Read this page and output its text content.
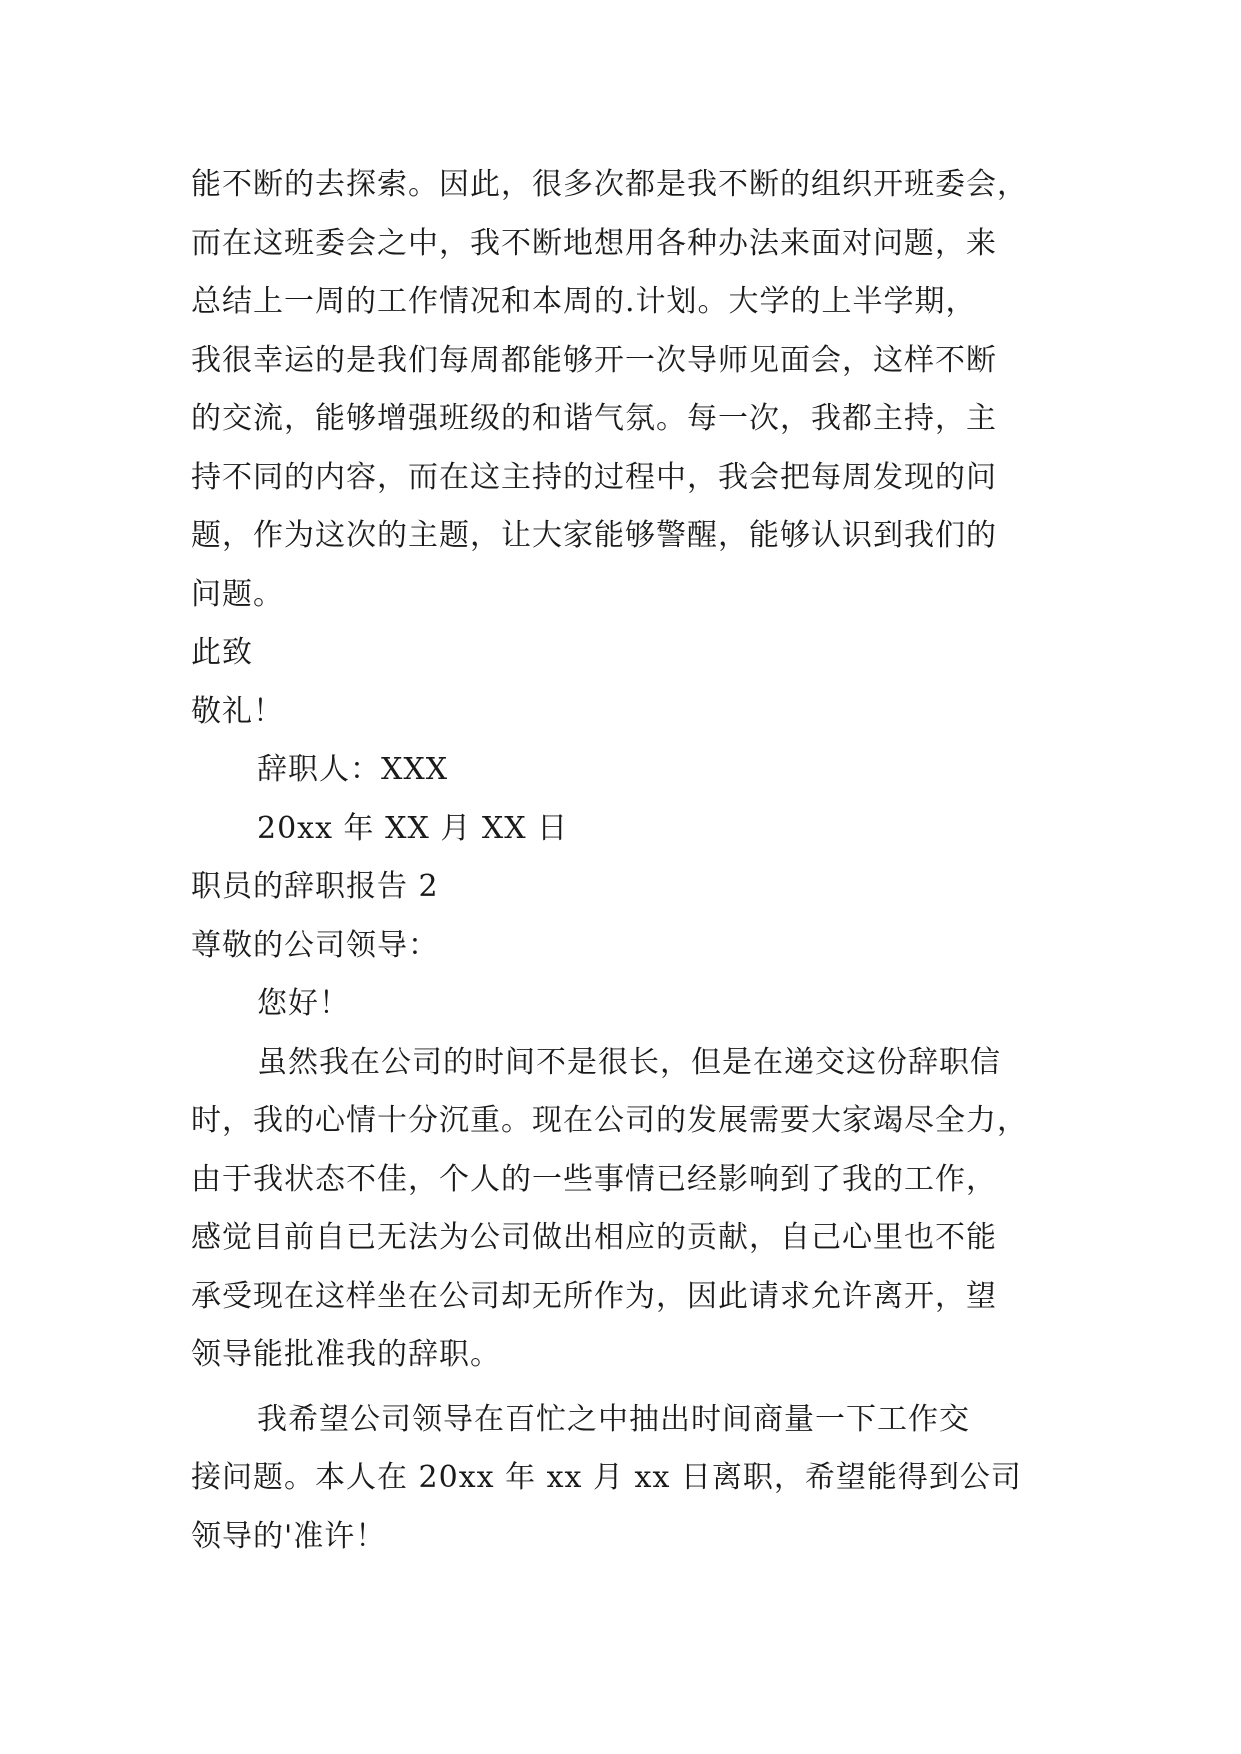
能不断的去探索。因此，很多次都是我不断的组织开班委会，
而在这班委会之中，我不断地想用各种办法来面对问题，来
总结上一周的工作情况和本周的.计划。大学的上半学期，
我很幸运的是我们每周都能够开一次导师见面会，这样不断
的交流，能够增强班级的和谐气氛。每一次，我都主持，主
持不同的内容，而在这主持的过程中，我会把每周发现的问
题，作为这次的主题，让大家能够警醒，能够认识到我们的
问题。
此致
敬礼！
辞职人：XXX
20xx 年 XX 月 XX 日
职员的辞职报告 2
尊敬的公司领导：
您好！
虽然我在公司的时间不是很长，但是在递交这份辞职信
时，我的心情十分沉重。现在公司的发展需要大家竭尽全力，
由于我状态不佳，个人的一些事情已经影响到了我的工作，
感觉目前自已无法为公司做出相应的贡献，自己心里也不能
承受现在这样坐在公司却无所作为，因此请求允许离开，望
领导能批准我的辞职。
我希望公司领导在百忙之中抽出时间商量一下工作交
接问题。本人在 20xx 年 xx 月 xx 日离职，希望能得到公司
领导的'准许！
